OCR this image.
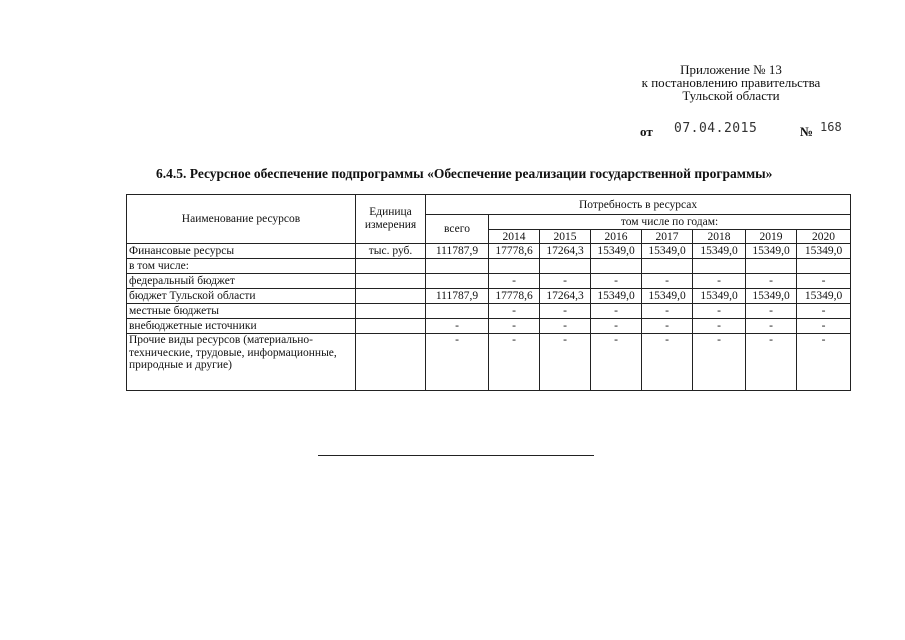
Приложение № 13
к постановлению правительства
Тульской области
от 07.04.2015	№ 168
6.4.5. Ресурсное обеспечение подпрограммы «Обеспечение реализации государственной программы»
Наименование ресурсов	Единица измерения	Потребность в ресурсах							
		всего	том числе по годам:						
			2014	2015	2016	2017	2018	2019	2020
Финансовые ресурсы	тыс. руб.	111787,9	17778,6	17264,3	15349,0	15349,0	15349,0	15349,0	15349,0
в том числе:									
федеральный бюджет			-	-	-	-	-	-	-
бюджет Тульской области		111787,9	17778,6	17264,3	15349,0	15349,0	15349,0	15349,0	15349,0
местные бюджеты			-	-	-	-	-	-	-
внебюджетные источники		-	-	-	-	-	-	-	-
Прочие виды ресурсов (материально-технические, трудовые, информационные, природные и другие)		-	-	-	-	-	-	-	-
